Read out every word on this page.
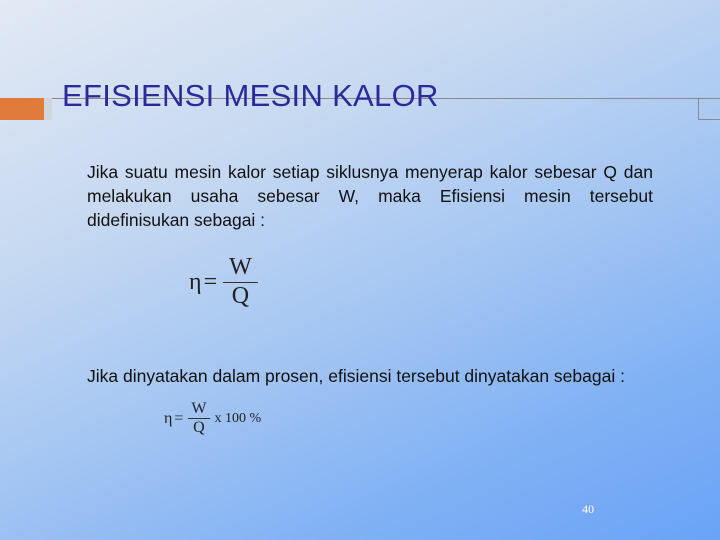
EFISIENSI MESIN KALOR

Jika suatu mesin kalor setiap siklusnya menyerap kalor sebesar Q dan melakukan usaha sebesar W, maka Efisiensi mesin tersebut didefinisukan sebagai :

$\eta = \frac{W}{Q}$

Jika dinyatakan dalam prosen, efisiensi tersebut dinyatakan sebagai :

$\eta = \frac{W}{Q}$ x 100 %
40
